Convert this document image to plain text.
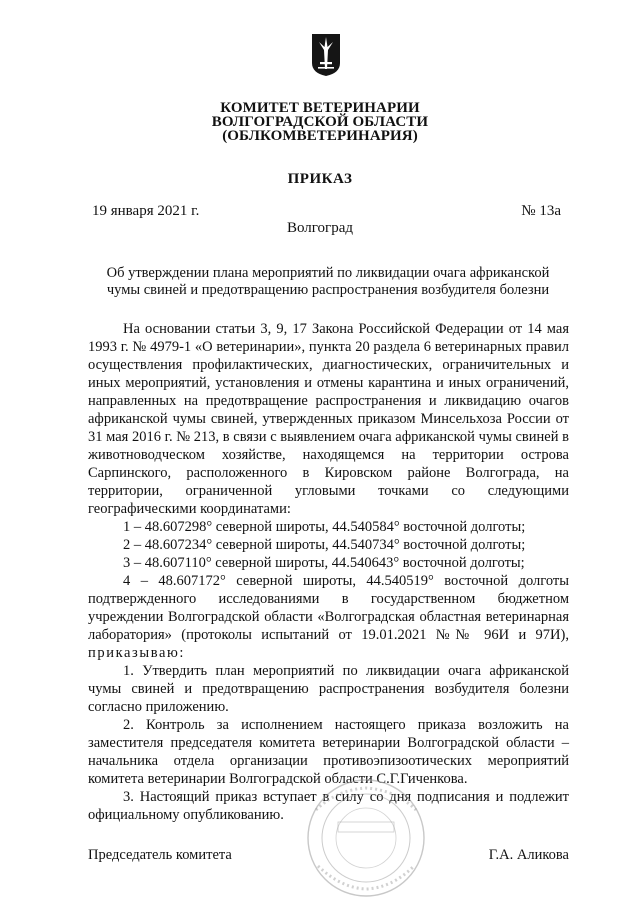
КОМИТЕТ ВЕТЕРИНАРИИ
ВОЛГОГРАДСКОЙ ОБЛАСТИ
(ОБЛКОМВЕТЕРИНАРИЯ)
ПРИКАЗ
19 января 2021 г.	№ 13а
Волгоград
Об утверждении плана мероприятий по ликвидации очага африканской
чумы свиней и предотвращению распространения возбудителя болезни

На основании статьи 3, 9, 17 Закона Российской Федерации от 14 мая 1993 г. № 4979-1 «О ветеринарии», пункта 20 раздела 6 ветеринарных правил осуществления профилактических, диагностических, ограничительных и иных мероприятий, установления и отмены карантина и иных ограничений, направленных на предотвращение распространения и ликвидацию очагов африканской чумы свиней, утвержденных приказом Минсельхоза России от 31 мая 2016 г. № 213, в связи с выявлением очага африканской чумы свиней в животноводческом хозяйстве, находящемся на территории острова Сарпинского, расположенного в Кировском районе Волгограда, на территории, ограниченной угловыми точками со следующими географическими координатами:

1 – 48.607298° северной широты, 44.540584° восточной долготы;

2 – 48.607234° северной широты, 44.540734° восточной долготы;

3 – 48.607110° северной широты, 44.540643° восточной долготы;

4 – 48.607172° северной широты, 44.540519° восточной долготы подтвержденного исследованиями в государственном бюджетном учреждении Волгоградской области «Волгоградская областная ветеринарная лаборатория» (протоколы испытаний от 19.01.2021 №№ 96И и 97И), приказываю:

1. Утвердить план мероприятий по ликвидации очага африканской чумы свиней и предотвращению распространения возбудителя болезни согласно приложению.

2. Контроль за исполнением настоящего приказа возложить на заместителя председателя комитета ветеринарии Волгоградской области – начальника отдела организации противоэпизоотических мероприятий комитета ветеринарии Волгоградской области С.Г.Гиченкова.

3. Настоящий приказ вступает в силу со дня подписания и подлежит официальному опубликованию.

Председатель комитета	Г.А. Аликова
